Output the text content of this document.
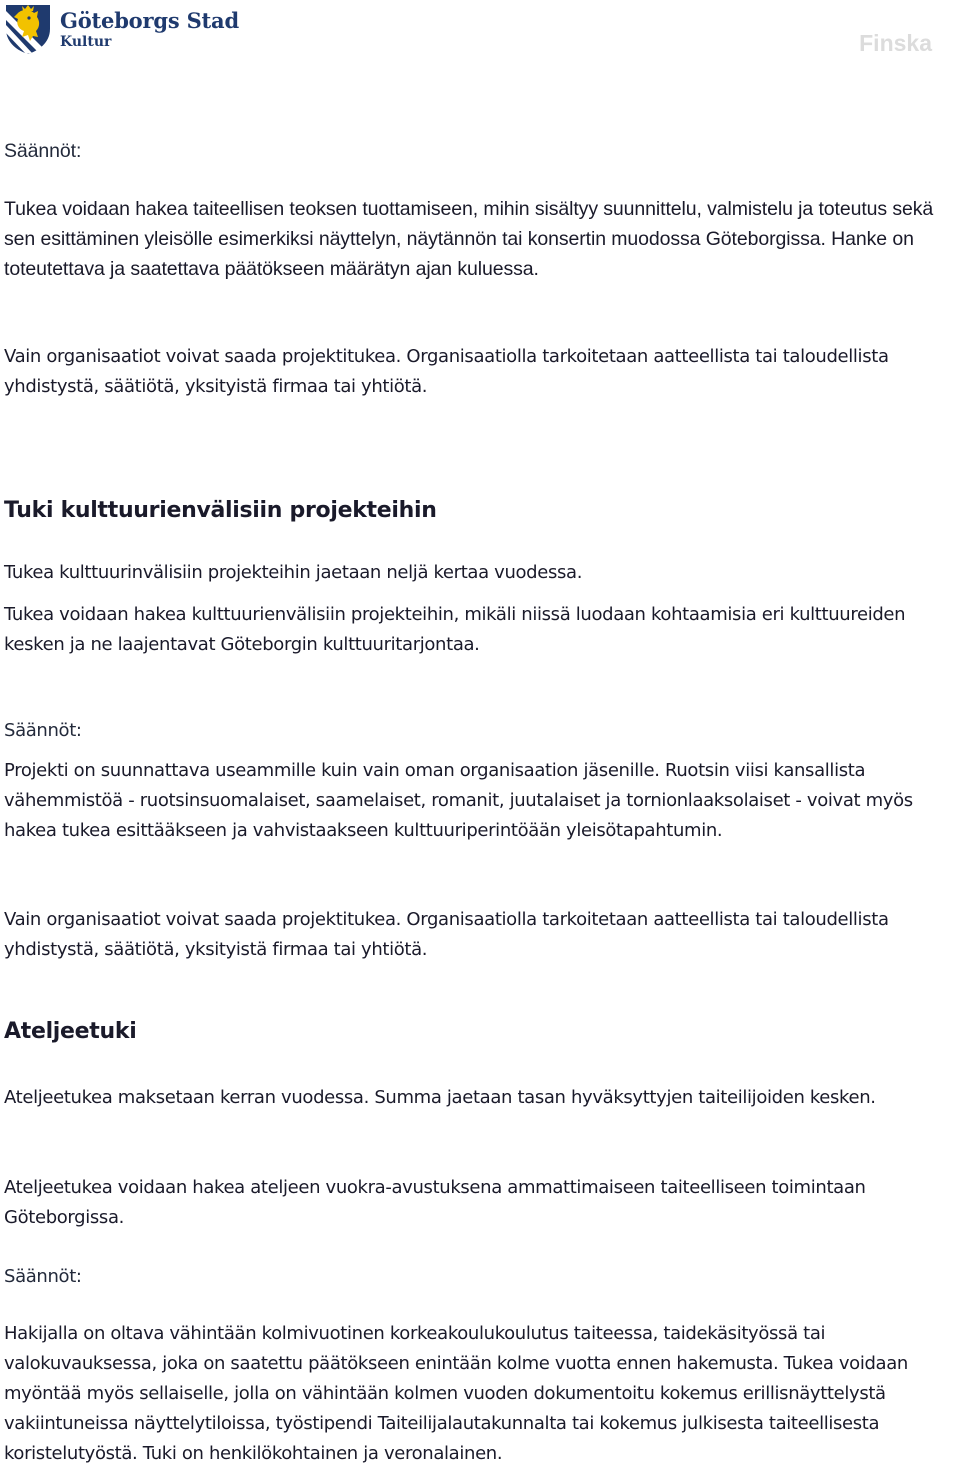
Göteborgs Stad
Kultur	Finska

Säännöt:

Tukea voidaan hakea taiteellisen teoksen tuottamiseen, mihin sisältyy suunnittelu, valmistelu ja toteutus sekä sen esittäminen yleisölle esimerkiksi näyttelyn, näytännön tai konsertin muodossa Göteborgissa. Hanke on toteutettava ja saatettava päätökseen määrätyn ajan kuluessa.

Vain organisaatiot voivat saada projektitukea. Organisaatiolla tarkoitetaan aatteellista tai taloudellista yhdistystä, säätiötä, yksityistä firmaa tai yhtiötä.

Tuki kulttuurienvälisiin projekteihin

Tukea kulttuurinvälisiin projekteihin jaetaan neljä kertaa vuodessa.

Tukea voidaan hakea kulttuurienvälisiin projekteihin, mikäli niissä luodaan kohtaamisia eri kulttuureiden kesken ja ne laajentavat Göteborgin kulttuuritarjontaa.

Säännöt:

Projekti on suunnattava useammille kuin vain oman organisaation jäsenille. Ruotsin viisi kansallista vähemmistöä - ruotsinsuomalaiset, saamelaiset, romanit, juutalaiset ja tornionlaaksolaiset - voivat myös hakea tukea esittääkseen ja vahvistaakseen kulttuuriperintöään yleisötapahtumin.

Vain organisaatiot voivat saada projektitukea. Organisaatiolla tarkoitetaan aatteellista tai taloudellista yhdistystä, säätiötä, yksityistä firmaa tai yhtiötä.

Ateljeetuki

Ateljeetukea maksetaan kerran vuodessa. Summa jaetaan tasan hyväksyttyjen taiteilijoiden kesken.

Ateljeetukea voidaan hakea ateljeen vuokra-avustuksena ammattimaiseen taiteelliseen toimintaan Göteborgissa.

Säännöt:

Hakijalla on oltava vähintään kolmivuotinen korkeakoulukoulutus taiteessa, taidekäsityössä tai valokuvauksessa, joka on saatettu päätökseen enintään kolme vuotta ennen hakemusta. Tukea voidaan myöntää myös sellaiselle, jolla on vähintään kolmen vuoden dokumentoitu kokemus erillisnäyttelystä vakiintuneissa näyttelytiloissa, työstipendi Taiteilijalautakunnalta tai kokemus julkisesta taiteellisesta koristelutyöstä. Tuki on henkilökohtainen ja veronalainen.
